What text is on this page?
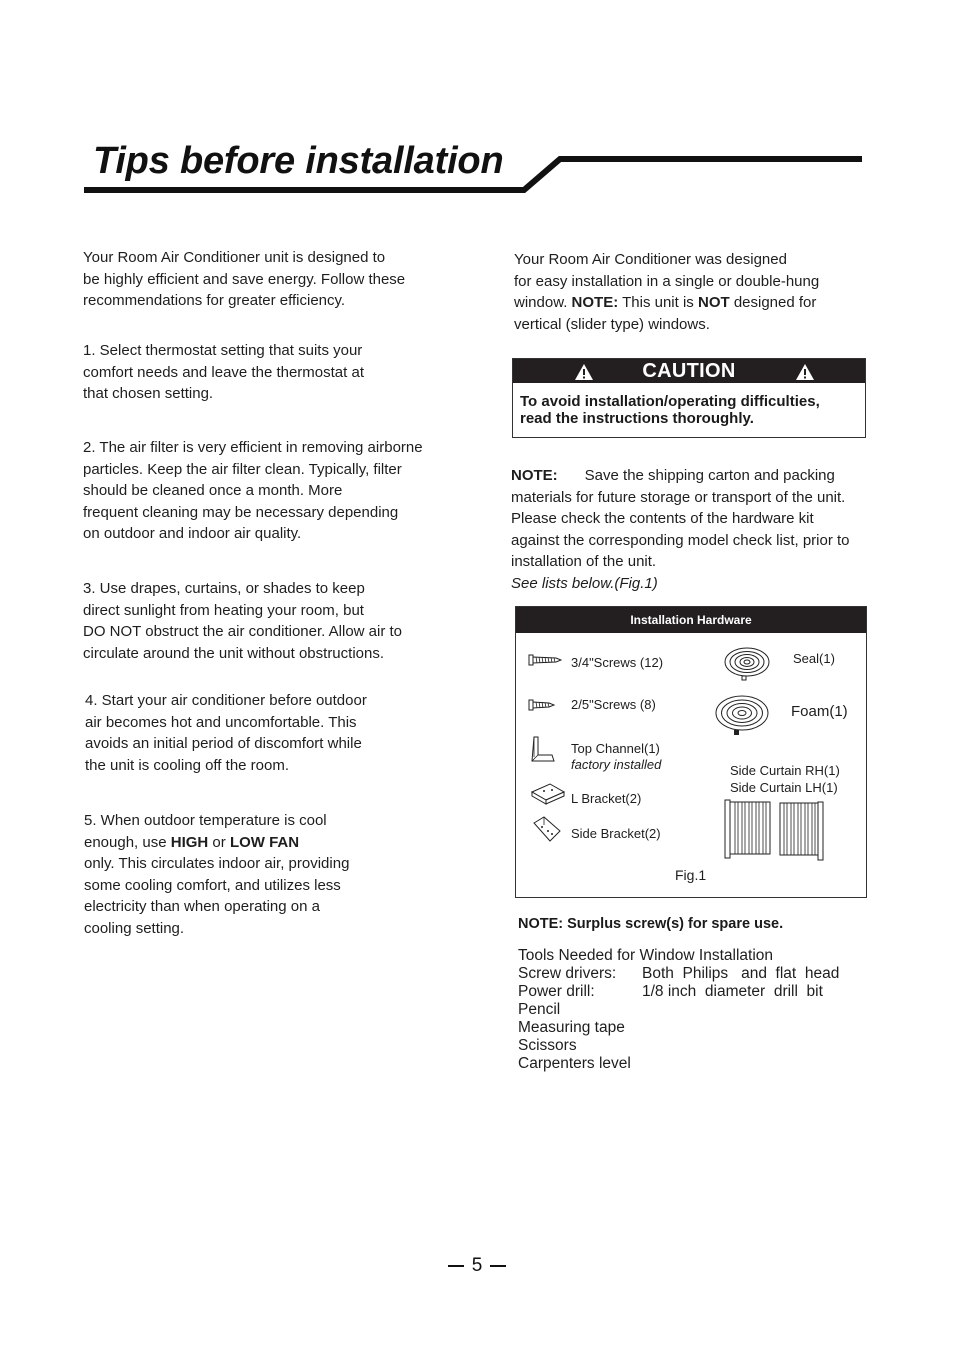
Tips before installation

Your Room Air Conditioner unit is designed to

be highly efficient and save energy. Follow these

recommendations for greater efficiency.

1. Select thermostat setting that suits your

comfort needs and leave the thermostat at

that chosen setting.

2. The air filter is very efficient in removing airborne

particles. Keep the air filter clean. Typically, filter

should be cleaned once a month. More

frequent cleaning may be necessary depending

on outdoor and indoor air quality.

3. Use drapes, curtains, or shades to keep

direct sunlight from heating your room, but

DO NOT obstruct the air conditioner. Allow air to

circulate around the unit without obstructions.

4. Start your air conditioner before outdoor

air becomes hot and uncomfortable. This

avoids an initial period of discomfort while

the unit is cooling off the room.

5. When outdoor temperature is cool

enough, use HIGH or LOW FAN

only. This circulates indoor air, providing

some cooling comfort, and utilizes less

electricity than when operating on a

cooling setting.

Your Room Air Conditioner was designed

for easy installation in a single or double-hung

window. NOTE: This unit is NOT designed for

vertical (slider type) windows.

CAUTION
To avoid installation/operating difficulties,
read the instructions thoroughly.

NOTE: Save the shipping carton and packing

materials for future storage or transport of the unit.

Please check the contents of the hardware kit

against the corresponding model check list, prior to

installation of the unit.

See lists below.(Fig.1)

Installation Hardware
3/4"Screws (12)
2/5"Screws (8)
Top Channel(1)
factory installed
L Bracket(2)
Side Bracket(2)
Seal(1)
Foam(1)
Side Curtain RH(1)
Side Curtain LH(1)
Fig.1
NOTE: Surplus screw(s) for spare use.
Tools Needed for Window Installation
Screw drivers: Both  Philips   and  flat  head
Power drill:	1/8 inch  diameter  drill  bit
Pencil
Measuring tape
Scissors
Carpenters level
5
